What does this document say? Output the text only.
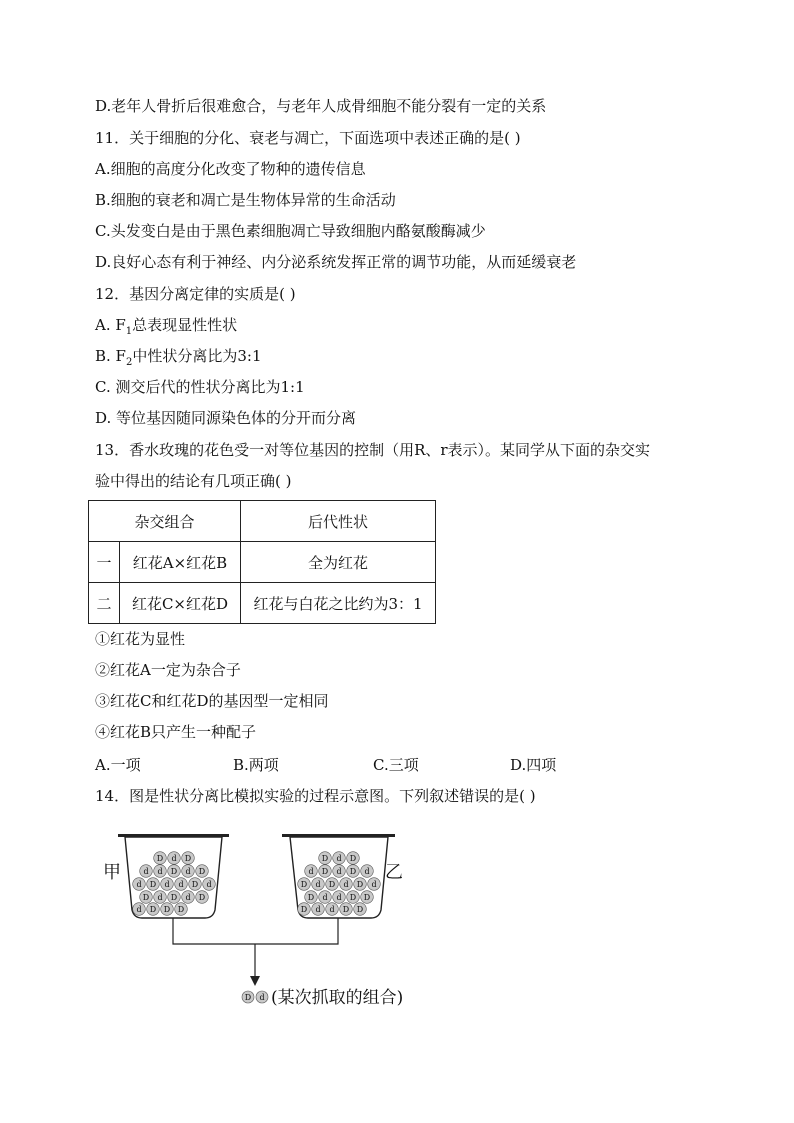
D.老年人骨折后很难愈合，与老年人成骨细胞不能分裂有一定的关系
11．关于细胞的分化、衰老与凋亡，下面选项中表述正确的是( )
A.细胞的高度分化改变了物种的遗传信息
B.细胞的衰老和凋亡是生物体异常的生命活动
C.头发变白是由于黑色素细胞凋亡导致细胞内酪氨酸酶减少
D.良好心态有利于神经、内分泌系统发挥正常的调节功能，从而延缓衰老
12．基因分离定律的实质是( )
A. $F_1$总表现显性性状
B. $F_2$中性状分离比为3:1
C. 测交后代的性状分离比为1:1
D. 等位基因随同源染色体的分开而分离
13．香水玫瑰的花色受一对等位基因的控制（用R、r表示）。某同学从下面的杂交实
验中得出的结论有几项正确( )
杂交组合		后代性状
一	红花A×红花B	全为红花
二	红花C×红花D	红花与白花之比约为3：1
①红花为显性
②红花A一定为杂合子
③红花C和红花D的基因型一定相同
④红花B只产生一种配子
A.一项	B.两项	C.三项	D.四项
14．图是性状分离比模拟实验的过程示意图。下列叙述错误的是( )
D d D
d d D d D
d D d d D d
D d D d D
d D D D
甲
D d D
d D d D d
D d D d D d
D d d D D
D d d D D
乙
D d (某次抓取的组合)
